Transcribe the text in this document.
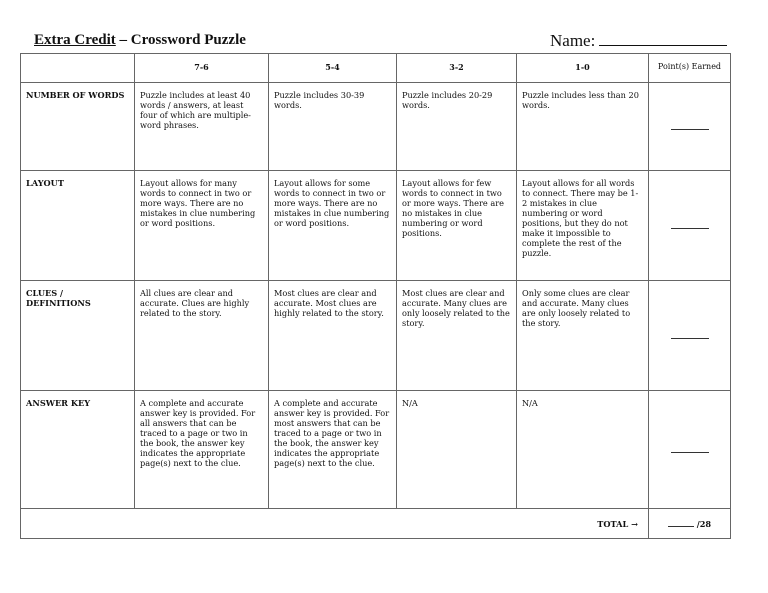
Extra Credit – Crossword Puzzle	Name:
	7-6	5-4	3-2	1-0	Point(s) Earned
NUMBER OF WORDS	Puzzle includes at least 40 words / answers, at least four of which are multiple-word phrases.	Puzzle includes 30-39 words.	Puzzle includes 20-29 words.	Puzzle includes less than 20 words.	
LAYOUT	Layout allows for many words to connect in two or more ways. There are no mistakes in clue numbering or word positions.	Layout allows for some words to connect in two or more ways. There are no mistakes in clue numbering or word positions.	Layout allows for few words to connect in two or more ways. There are no mistakes in clue numbering or word positions.	Layout allows for all words to connect. There may be 1-2 mistakes in clue numbering or word positions, but they do not make it impossible to complete the rest of the puzzle.	
CLUES / DEFINITIONS	All clues are clear and accurate. Clues are highly related to the story.	Most clues are clear and accurate. Most clues are highly related to the story.	Most clues are clear and accurate. Many clues are only loosely related to the story.	Only some clues are clear and accurate. Many clues are only loosely related to the story.	
ANSWER KEY	A complete and accurate answer key is provided. For all answers that can be traced to a page or two in the book, the answer key indicates the appropriate page(s) next to the clue.	A complete and accurate answer key is provided. For most answers that can be traced to a page or two in the book, the answer key indicates the appropriate page(s) next to the clue.	N/A	N/A	
TOTAL →					/28
